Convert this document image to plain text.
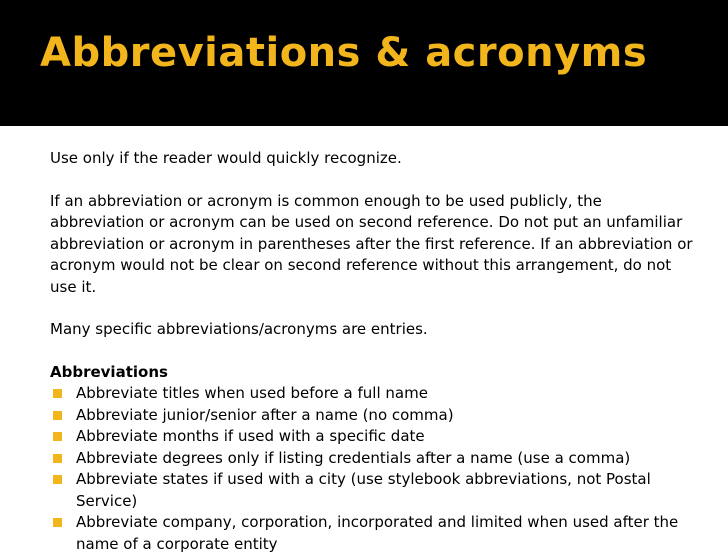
Abbreviations & acronyms

Use only if the reader would quickly recognize.

If an abbreviation or acronym is common enough to be used publicly, the abbreviation or acronym can be used on second reference. Do not put an unfamiliar abbreviation or acronym in parentheses after the first reference. If an abbreviation or acronym would not be clear on second reference without this arrangement, do not use it.

Many specific abbreviations/acronyms are entries.

Abbreviations

Abbreviate titles when used before a full name
Abbreviate junior/senior after a name (no comma)
Abbreviate months if used with a specific date
Abbreviate degrees only if listing credentials after a name (use a comma)
Abbreviate states if used with a city (use stylebook abbreviations, not Postal Service)
Abbreviate company, corporation, incorporated and limited when used after the name of a corporate entity
